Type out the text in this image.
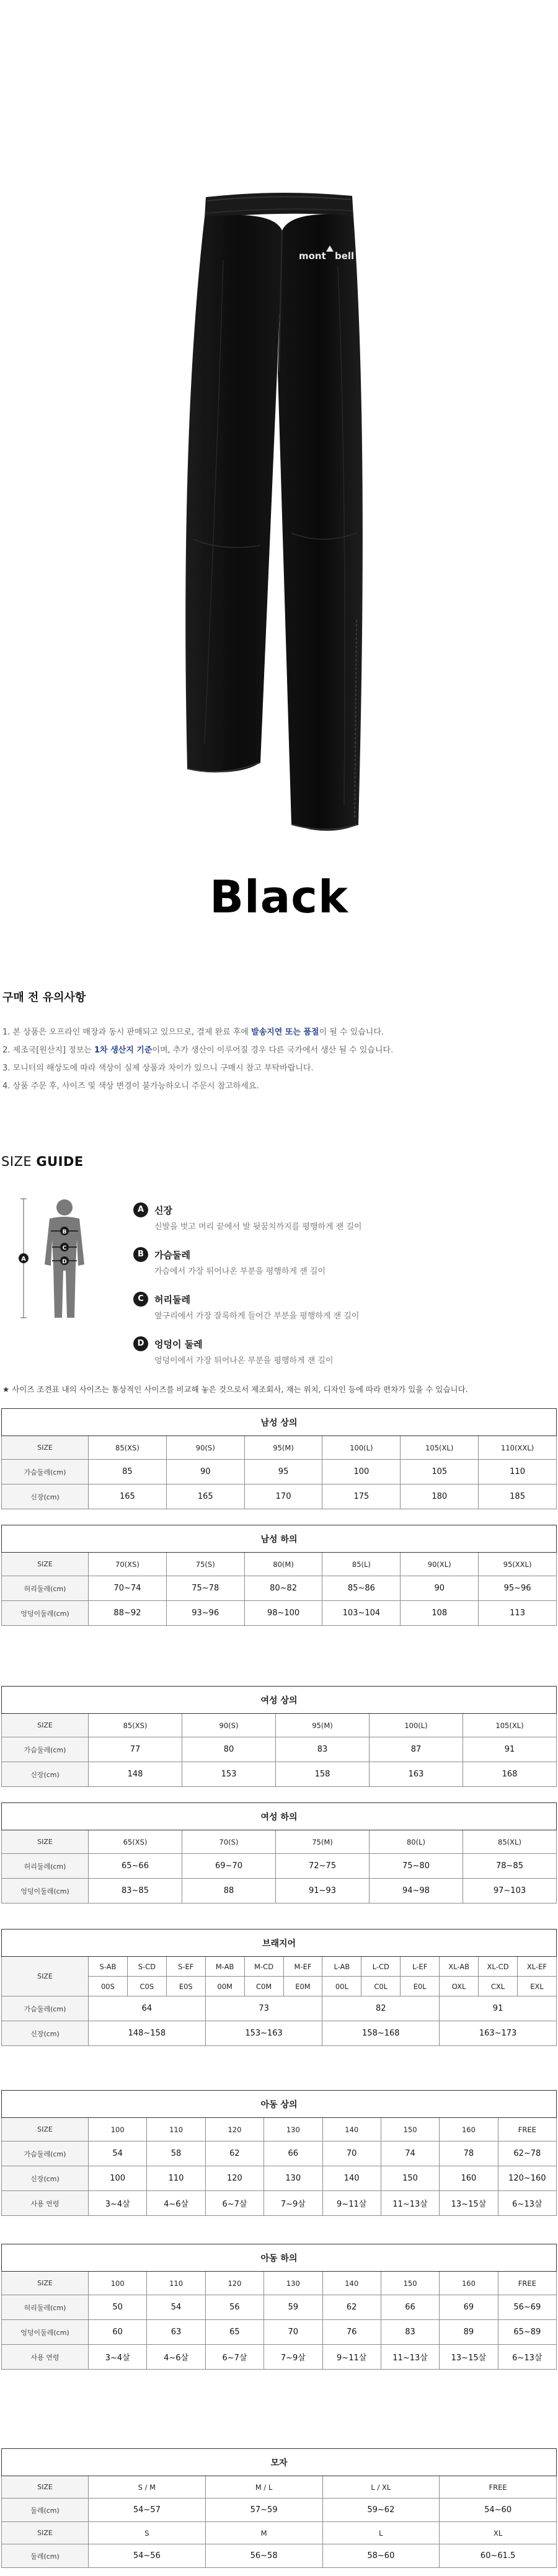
mont bell
Black
구매 전 유의사항
1. 본 상품은 오프라인 매장과 동시 판매되고 있으므로, 결제 완료 후에 발송지연 또는 품절이 될 수 있습니다.
2. 제조국[원산지] 정보는 1차 생산지 기준이며, 추가 생산이 이루어질 경우 다른 국가에서 생산 될 수 있습니다.
3. 모니터의 해상도에 따라 색상이 실제 상품과 차이가 있으니 구매시 참고 부탁바랍니다.
4. 상품 주문 후, 사이즈 및 색상 변경이 불가능하오니 주문시 참고하세요.
SIZE GUIDE
A
B
C
D
A	신장
신발을 벗고 머리 끝에서 발 뒷꿈치까지를 평행하게 잰 길이
B	가슴둘레
가슴에서 가장 튀어나온 부분을 평행하게 잰 길이
C	허리둘레
옆구리에서 가장 잘록하게 들어간 부분을 평행하게 잰 길이
D	엉덩이 둘레
엉덩이에서 가장 튀어나온 부분을 평행하게 잰 길이
★ 사이즈 조견표 내의 사이즈는 통상적인 사이즈를 비교해 놓은 것으로서 제조회사, 재는 위치, 디자인 등에 따라 편차가 있을 수 있습니다.
남성 상의						
SIZE	85(XS)	90(S)	95(M)	100(L)	105(XL)	110(XXL)
가슴둘레(cm)	85	90	95	100	105	110
신장(cm)	165	165	170	175	180	185
남성 하의						
SIZE	70(XS)	75(S)	80(M)	85(L)	90(XL)	95(XXL)
허리둘레(cm)	70~74	75~78	80~82	85~86	90	95~96
엉덩이둘레(cm)	88~92	93~96	98~100	103~104	108	113
여성 상의					
SIZE	85(XS)	90(S)	95(M)	100(L)	105(XL)
가슴둘레(cm)	77	80	83	87	91
신장(cm)	148	153	158	163	168
여성 하의					
SIZE	65(XS)	70(S)	75(M)	80(L)	85(XL)
허리둘레(cm)	65~66	69~70	72~75	75~80	78~85
엉덩이둘레(cm)	83~85	88	91~93	94~98	97~103
브래지어												
SIZE	S-AB	S-CD	S-EF	M-AB	M-CD	M-EF	L-AB	L-CD	L-EF	XL-AB	XL-CD	XL-EF
	00S	C0S	E0S	00M	C0M	E0M	00L	C0L	E0L	OXL	CXL	EXL
가슴둘레(cm)	64			73			82			91		
신장(cm)	148~158			153~163			158~168			163~173		
아동 상의								
SIZE	100	110	120	130	140	150	160	FREE
가슴둘레(cm)	54	58	62	66	70	74	78	62~78
신장(cm)	100	110	120	130	140	150	160	120~160
사용 연령	3~4살	4~6살	6~7살	7~9살	9~11살	11~13살	13~15살	6~13살
아동 하의								
SIZE	100	110	120	130	140	150	160	FREE
허리둘레(cm)	50	54	56	59	62	66	69	56~69
엉덩이둘레(cm)	60	63	65	70	76	83	89	65~89
사용 연령	3~4살	4~6살	6~7살	7~9살	9~11살	11~13살	13~15살	6~13살
모자				
SIZE	S / M	M / L	L / XL	FREE
둘레(cm)	54~57	57~59	59~62	54~60
SIZE	S	M	L	XL
둘레(cm)	54~56	56~58	58~60	60~61.5
